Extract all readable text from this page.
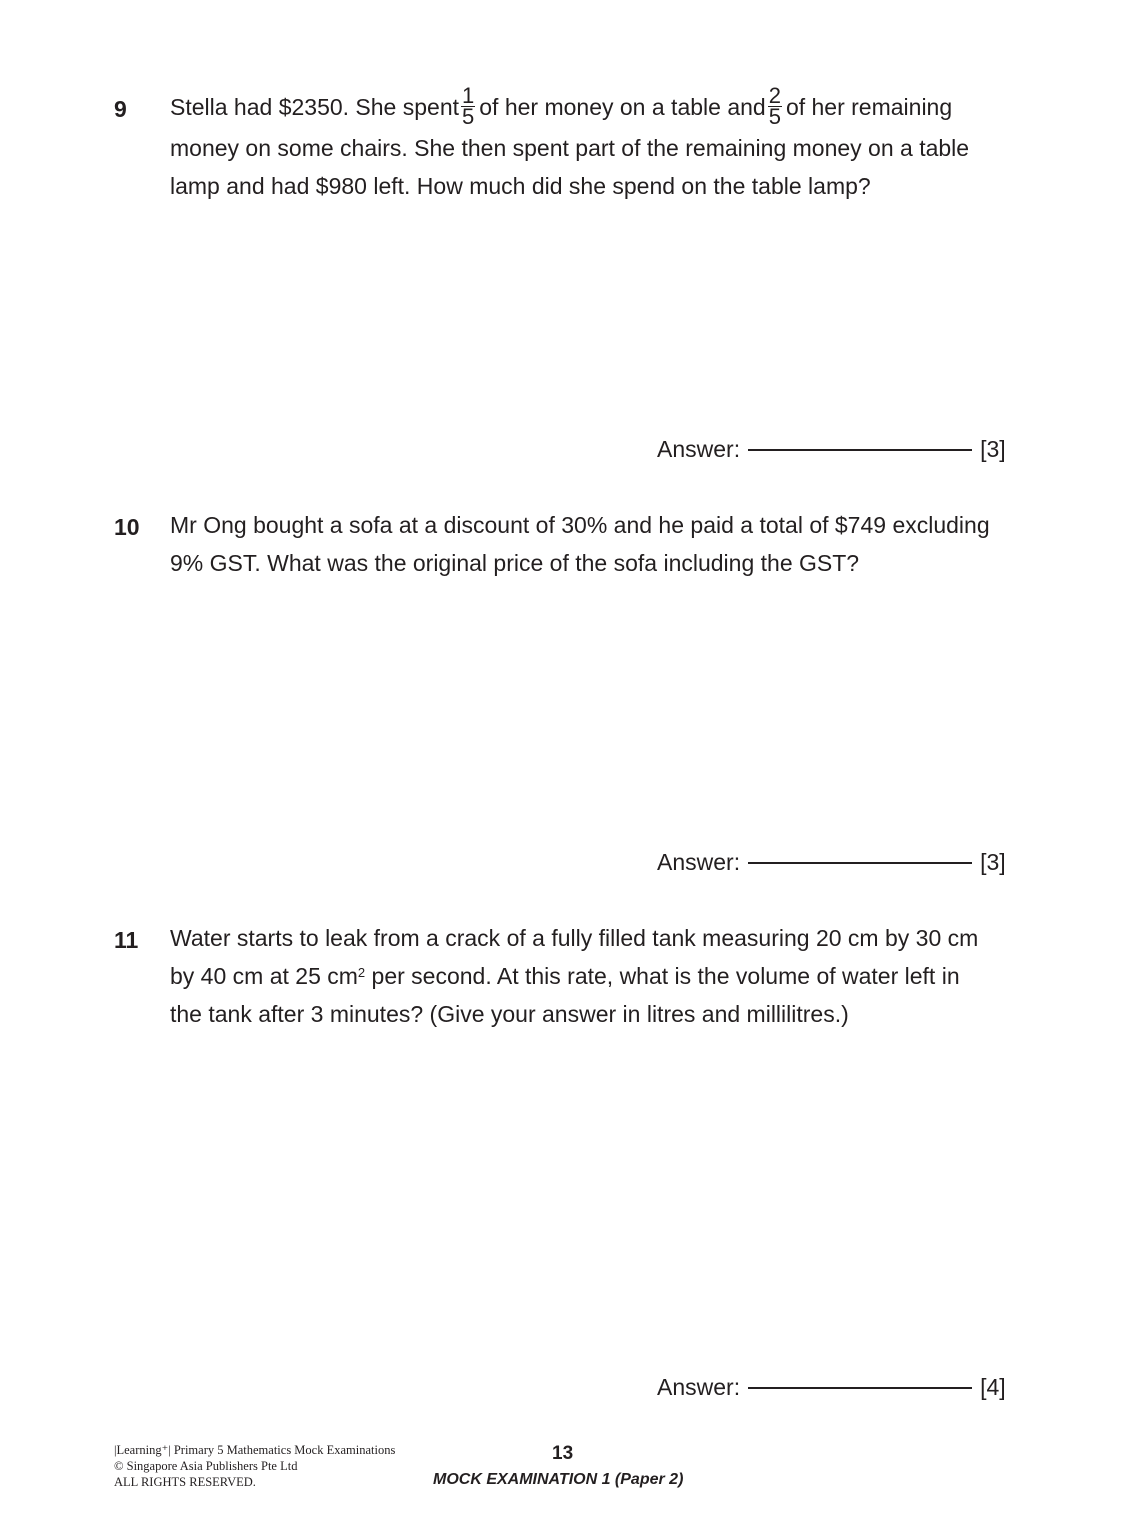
9 Stella had $2350. She spent $\frac{1}{5}$ of her money on a table and $\frac{2}{5}$ of her remaining
money on some chairs. She then spent part of the remaining money on a table
lamp and had $980 left. How much did she spend on the table lamp?
Answer:	[3]
10 Mr Ong bought a sofa at a discount of 30% and he paid a total of $749 excluding
9% GST. What was the original price of the sofa including the GST?
Answer:	[3]
11 Water starts to leak from a crack of a fully filled tank measuring 20 cm by 30 cm
by 40 cm at 25 $cm^2$ per second. At this rate, what is the volume of water left in
the tank after 3 minutes? (Give your answer in litres and millilitres.)
Answer:	[4]
|Learning⁺| Primary 5 Mathematics Mock Examinations
© Singapore Asia Publishers Pte Ltd
ALL RIGHTS RESERVED.
13
MOCK EXAMINATION 1 (Paper 2)
